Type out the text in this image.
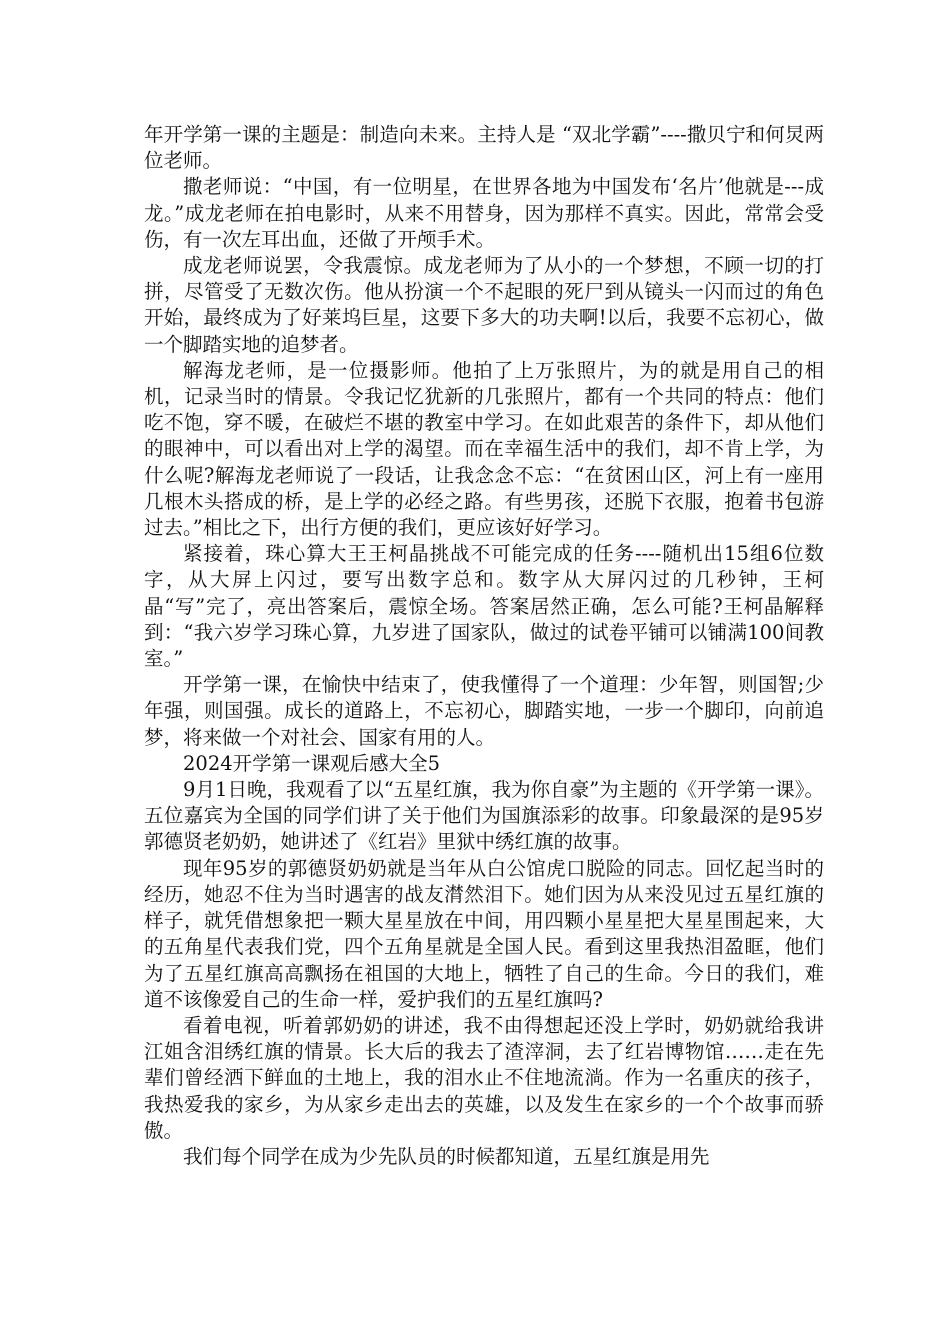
年开学第一课的主题是：制造向未来。主持人是 “双北学霸”----撒贝宁和何炅两位老师。

撒老师说：“中国，有一位明星，在世界各地为中国发布‘名片’他就是---成龙。”成龙老师在拍电影时，从来不用替身，因为那样不真实。因此，常常会受伤，有一次左耳出血，还做了开颅手术。

成龙老师说罢，令我震惊。成龙老师为了从小的一个梦想，不顾一切的打拼，尽管受了无数次伤。他从扮演一个不起眼的死尸到从镜头一闪而过的角色开始，最终成为了好莱坞巨星，这要下多大的功夫啊!以后，我要不忘初心，做一个脚踏实地的追梦者。

解海龙老师，是一位摄影师。他拍了上万张照片，为的就是用自己的相机，记录当时的情景。令我记忆犹新的几张照片，都有一个共同的特点：他们吃不饱，穿不暖，在破烂不堪的教室中学习。在如此艰苦的条件下，却从他们的眼神中，可以看出对上学的渴望。而在幸福生活中的我们，却不肯上学，为什么呢?解海龙老师说了一段话，让我念念不忘：“在贫困山区，河上有一座用几根木头搭成的桥，是上学的必经之路。有些男孩，还脱下衣服，抱着书包游过去。”相比之下，出行方便的我们，更应该好好学习。

紧接着，珠心算大王王柯晶挑战不可能完成的任务----随机出15组6位数字，从大屏上闪过，要写出数字总和。数字从大屏闪过的几秒钟，王柯晶“写”完了，亮出答案后，震惊全场。答案居然正确，怎么可能?王柯晶解释到：“我六岁学习珠心算，九岁进了国家队，做过的试卷平铺可以铺满100间教室。”

开学第一课，在愉快中结束了，使我懂得了一个道理：少年智，则国智;少年强，则国强。成长的道路上，不忘初心，脚踏实地，一步一个脚印，向前追梦，将来做一个对社会、国家有用的人。

2024开学第一课观后感大全5

9月1日晚，我观看了以“五星红旗，我为你自豪”为主题的《开学第一课》。五位嘉宾为全国的同学们讲了关于他们为国旗添彩的故事。印象最深的是95岁郭德贤老奶奶，她讲述了《红岩》里狱中绣红旗的故事。

现年95岁的郭德贤奶奶就是当年从白公馆虎口脱险的同志。回忆起当时的经历，她忍不住为当时遇害的战友潸然泪下。她们因为从来没见过五星红旗的样子，就凭借想象把一颗大星星放在中间，用四颗小星星把大星星围起来，大的五角星代表我们党，四个五角星就是全国人民。看到这里我热泪盈眶，他们为了五星红旗高高飘扬在祖国的大地上，牺牲了自己的生命。今日的我们，难道不该像爱自己的生命一样，爱护我们的五星红旗吗?

看着电视，听着郭奶奶的讲述，我不由得想起还没上学时，奶奶就给我讲江姐含泪绣红旗的情景。长大后的我去了渣滓洞，去了红岩博物馆……走在先辈们曾经洒下鲜血的土地上，我的泪水止不住地流淌。作为一名重庆的孩子，我热爱我的家乡，为从家乡走出去的英雄，以及发生在家乡的一个个故事而骄傲。

我们每个同学在成为少先队员的时候都知道，五星红旗是用先
